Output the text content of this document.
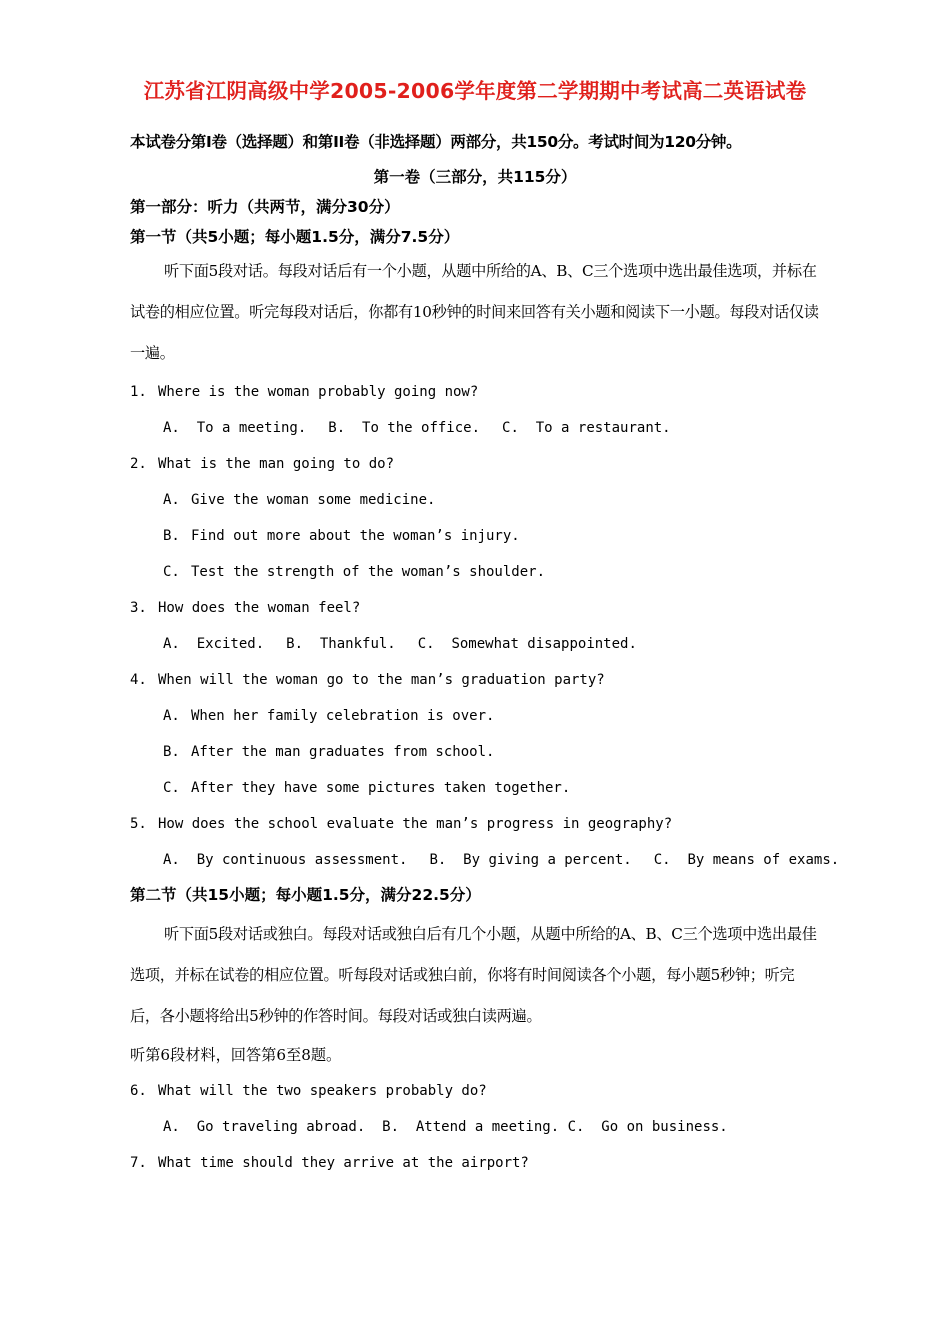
江苏省江阴高级中学2005-2006学年度第二学期期中考试高二英语试卷
本试卷分第I卷（选择题）和第II卷（非选择题）两部分，共150分。考试时间为120分钟。
第一卷（三部分，共115分）
第一部分：听力（共两节，满分30分）
第一节（共5小题；每小题1.5分，满分7.5分）
听下面5段对话。每段对话后有一个小题，从题中所给的A、B、C三个选项中选出最佳选项，并标在试卷的相应位置。听完每段对话后，你都有10秒钟的时间来回答有关小题和阅读下一小题。每段对话仅读一遍。
1. Where is the woman probably going now?
A. To a meeting. B. To the office. C. To a restaurant.
2. What is the man going to do?
A. Give the woman some medicine.
B. Find out more about the woman’s injury.
C. Test the strength of the woman’s shoulder.
3. How does the woman feel?
A. Excited. B. Thankful. C. Somewhat disappointed.
4. When will the woman go to the man’s graduation party?
A. When her family celebration is over.
B. After the man graduates from school.
C. After they have some pictures taken together.
5. How does the school evaluate the man’s progress in geography?
A. By continuous assessment. B. By giving a percent. C. By means of exams.
第二节（共15小题；每小题1.5分，满分22.5分）
听下面5段对话或独白。每段对话或独白后有几个小题，从题中所给的A、B、C三个选项中选出最佳选项，并标在试卷的相应位置。听每段对话或独白前，你将有时间阅读各个小题，每小题5秒钟；听完后，各小题将给出5秒钟的作答时间。每段对话或独白读两遍。
听第6段材料，回答第6至8题。
6. What will the two speakers probably do?
A.  Go traveling abroad.  B.  Attend a meeting. C.  Go on business.
7. What time should they arrive at the airport?
